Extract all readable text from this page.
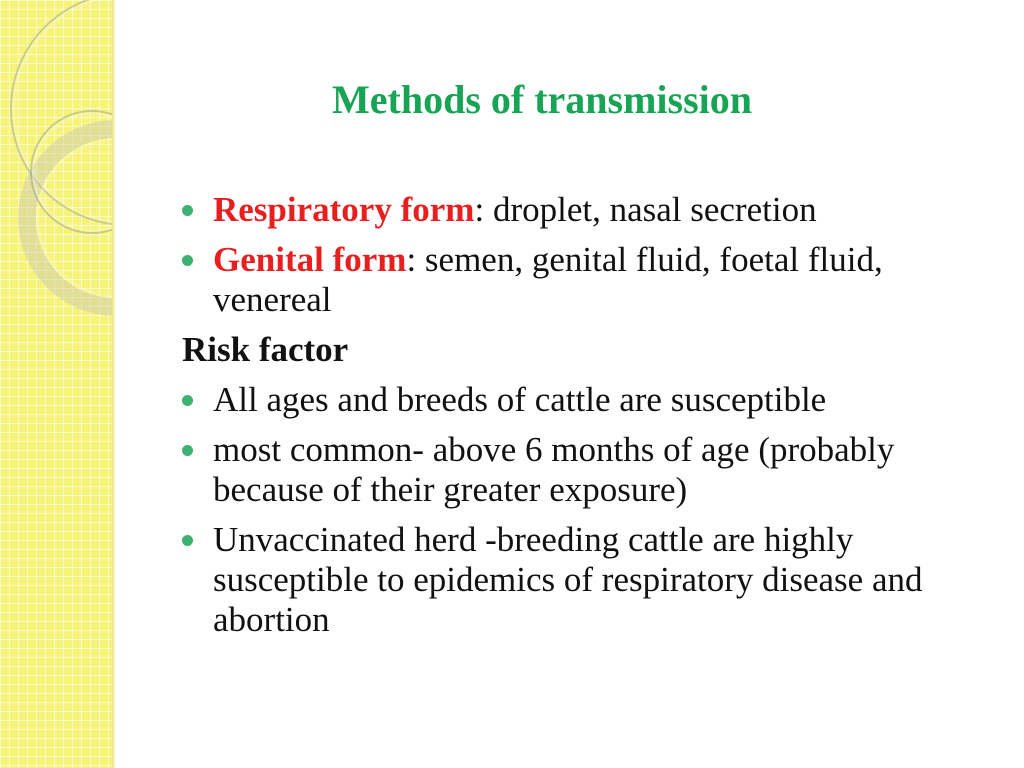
Methods of transmission
Respiratory form: droplet, nasal secretion
Genital form: semen, genital fluid, foetal fluid, venereal
Risk factor
All ages and breeds of cattle are susceptible
most common- above 6 months of age (probably because of their greater exposure)
Unvaccinated herd -breeding cattle are highly susceptible to epidemics of respiratory disease and abortion
